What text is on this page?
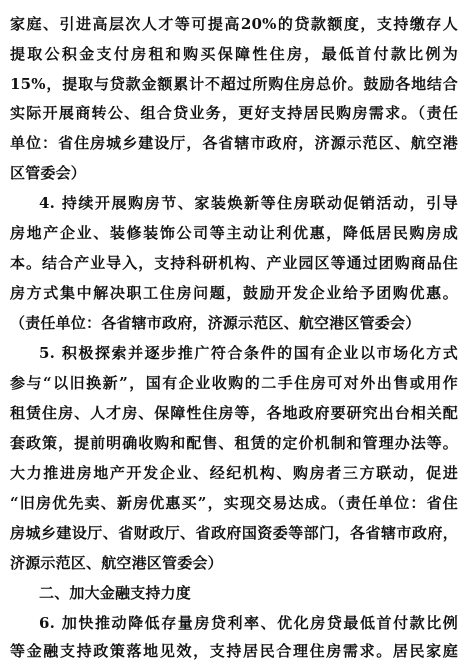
家庭、引进高层次人才等可提高20%的贷款额度，支持缴存人
提取公积金支付房租和购买保障性住房，最低首付款比例为
15%，提取与贷款金额累计不超过所购住房总价。鼓励各地结合
实际开展商转公、组合贷业务，更好支持居民购房需求。（责任
单位：省住房城乡建设厅，各省辖市政府，济源示范区、航空港
区管委会）
4. 持续开展购房节、家装焕新等住房联动促销活动，引导
房地产企业、装修装饰公司等主动让利优惠，降低居民购房成
本。结合产业导入，支持科研机构、产业园区等通过团购商品住
房方式集中解决职工住房问题，鼓励开发企业给予团购优惠。
（责任单位：各省辖市政府，济源示范区、航空港区管委会）
5. 积极探索并逐步推广符合条件的国有企业以市场化方式
参与“以旧换新”，国有企业收购的二手住房可对外出售或用作
租赁住房、人才房、保障性住房等，各地政府要研究出台相关配
套政策，提前明确收购和配售、租赁的定价机制和管理办法等。
大力推进房地产开发企业、经纪机构、购房者三方联动，促进
“旧房优先卖、新房优惠买”，实现交易达成。（责任单位：省住
房城乡建设厅、省财政厅、省政府国资委等部门，各省辖市政府，
济源示范区、航空港区管委会）
二、加大金融支持力度
6. 加快推动降低存量房贷利率、优化房贷最低首付款比例
等金融支持政策落地见效，支持居民合理住房需求。居民家庭
